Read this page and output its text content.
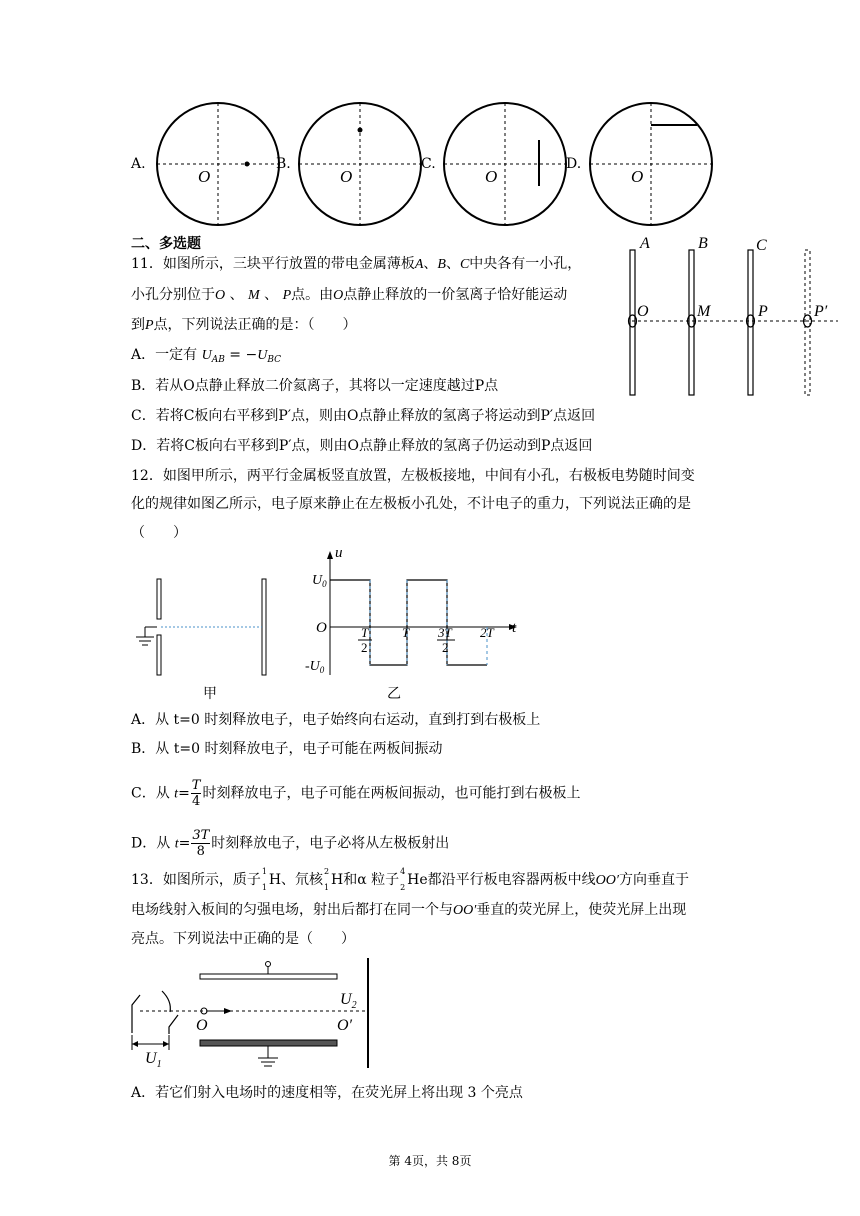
A.	B.	C.	D.
O	O	O	O
二、多选题
11．如图所示，三块平行放置的带电金属薄板A、B、C中央各有一小孔，
小孔分别位于O 、 M 、 P点。由O点静止释放的一价氢离子恰好能运动
到P点，下列说法正确的是：（　　）
A．一定有 $U_{AB} = -U_{BC}$
B．若从O点静止释放二价氦离子，其将以一定速度越过P点
C．若将C板向右平移到P′点，则由O点静止释放的氢离子将运动到P′点返回
D．若将C板向右平移到P′点，则由O点静止释放的氢离子仍运动到P点返回
A	B	C
O	M	P	P′
12．如图甲所示，两平行金属板竖直放置，左极板接地，中间有小孔，右极板电势随时间变
化的规律如图乙所示，电子原来静止在左极板小孔处，不计电子的重力，下列说法正确的是
（　　）
甲
u
t
$U_0$
$-U_0$
O	T
2
T 3T
2
2T
乙
A．从 t=0 时刻释放电子，电子始终向右运动，直到打到右极板上
B．从 t=0 时刻释放电子，电子可能在两板间振动
C．从 $t= \frac{T}{4}$ 时刻释放电子，电子可能在两板间振动，也可能打到右极板上
D．从 $t= \frac{3T}{8}$ 时刻释放电子，电子必将从左极板射出
13．如图所示，质子
1
1 H、氘核
2
1 H和α 粒子
4
2 He都沿平行板电容器两板中线OO′方向垂直于
电场线射入板间的匀强电场，射出后都打在同一个与OO′垂直的荧光屏上，使荧光屏上出现
亮点。下列说法中正确的是（　　）
$U_2$
O	O′
$U_1$
A．若它们射入电场时的速度相等，在荧光屏上将出现 3 个亮点
第 4页，共 8页
